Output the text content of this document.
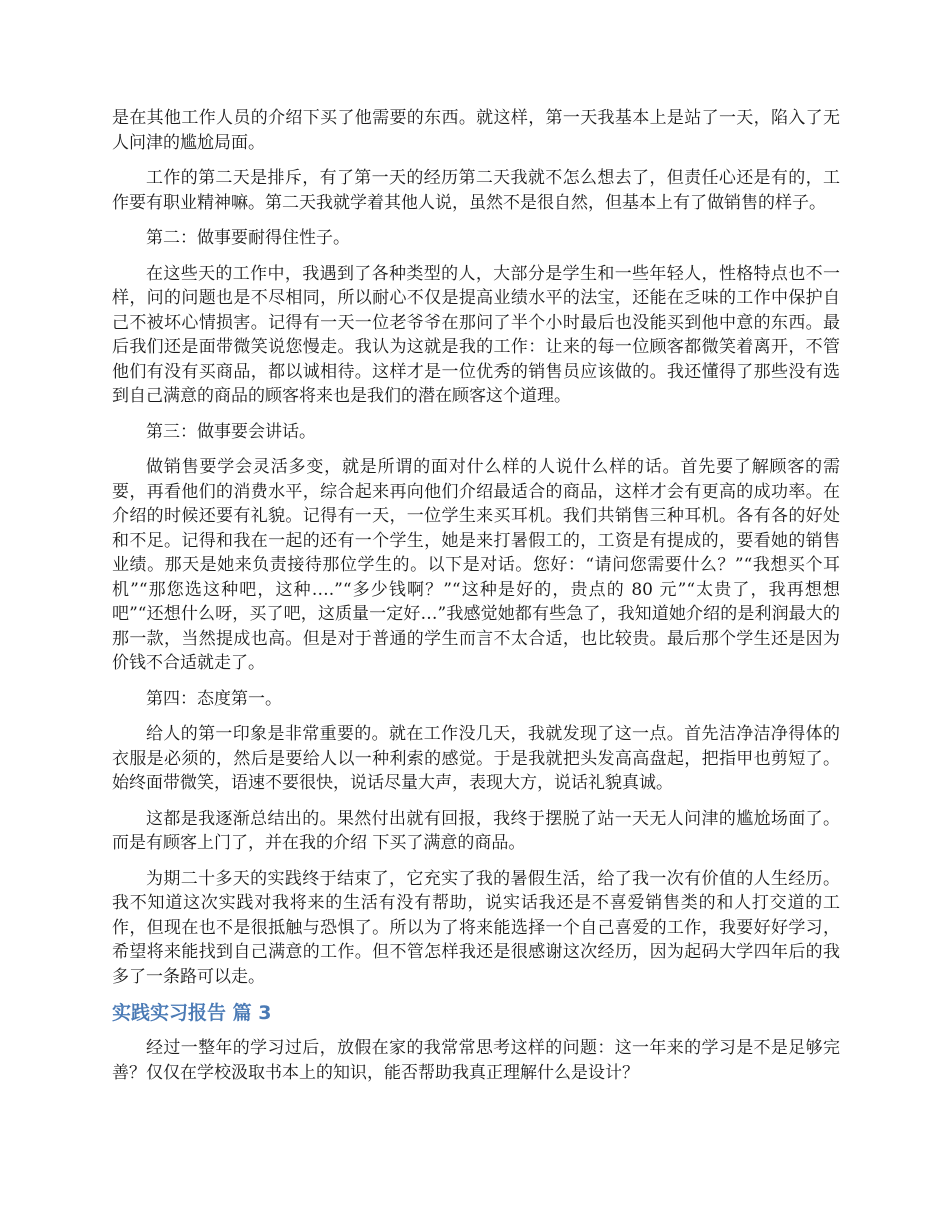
是在其他工作人员的介绍下买了他需要的东西。就这样，第一天我基本上是站了一天，陷入了无人问津的尴尬局面。

工作的第二天是排斥，有了第一天的经历第二天我就不怎么想去了，但责任心还是有的，工作要有职业精神嘛。第二天我就学着其他人说，虽然不是很自然，但基本上有了做销售的样子。

第二：做事要耐得住性子。

在这些天的工作中，我遇到了各种类型的人，大部分是学生和一些年轻人，性格特点也不一样，问的问题也是不尽相同，所以耐心不仅是提高业绩水平的法宝，还能在乏味的工作中保护自己不被坏心情损害。记得有一天一位老爷爷在那问了半个小时最后也没能买到他中意的东西。最后我们还是面带微笑说您慢走。我认为这就是我的工作：让来的每一位顾客都微笑着离开，不管他们有没有买商品，都以诚相待。这样才是一位优秀的销售员应该做的。我还懂得了那些没有选到自己满意的商品的顾客将来也是我们的潜在顾客这个道理。

第三：做事要会讲话。

做销售要学会灵活多变，就是所谓的面对什么样的人说什么样的话。首先要了解顾客的需要，再看他们的消费水平，综合起来再向他们介绍最适合的商品，这样才会有更高的成功率。在介绍的时候还要有礼貌。记得有一天，一位学生来买耳机。我们共销售三种耳机。各有各的好处和不足。记得和我在一起的还有一个学生，她是来打暑假工的，工资是有提成的，要看她的销售业绩。那天是她来负责接待那位学生的。以下是对话。您好：“请问您需要什么？”“我想买个耳机”“那您选这种吧，这种….”“多少钱啊？”“这种是好的，贵点的 80 元”“太贵了，我再想想吧”“还想什么呀，买了吧，这质量一定好…”我感觉她都有些急了，我知道她介绍的是利润最大的那一款，当然提成也高。但是对于普通的学生而言不太合适，也比较贵。最后那个学生还是因为价钱不合适就走了。

第四：态度第一。

给人的第一印象是非常重要的。就在工作没几天，我就发现了这一点。首先洁净洁净得体的衣服是必须的，然后是要给人以一种利索的感觉。于是我就把头发高高盘起，把指甲也剪短了。始终面带微笑，语速不要很快，说话尽量大声，表现大方，说话礼貌真诚。

这都是我逐渐总结出的。果然付出就有回报，我终于摆脱了站一天无人问津的尴尬场面了。而是有顾客上门了，并在我的介绍 下买了满意的商品。

为期二十多天的实践终于结束了，它充实了我的暑假生活，给了我一次有价值的人生经历。我不知道这次实践对我将来的生活有没有帮助，说实话我还是不喜爱销售类的和人打交道的工作，但现在也不是很抵触与恐惧了。所以为了将来能选择一个自己喜爱的工作，我要好好学习，希望将来能找到自己满意的工作。但不管怎样我还是很感谢这次经历，因为起码大学四年后的我多了一条路可以走。

实践实习报告 篇 3

经过一整年的学习过后，放假在家的我常常思考这样的问题：这一年来的学习是不是足够完善？仅仅在学校汲取书本上的知识，能否帮助我真正理解什么是设计？
